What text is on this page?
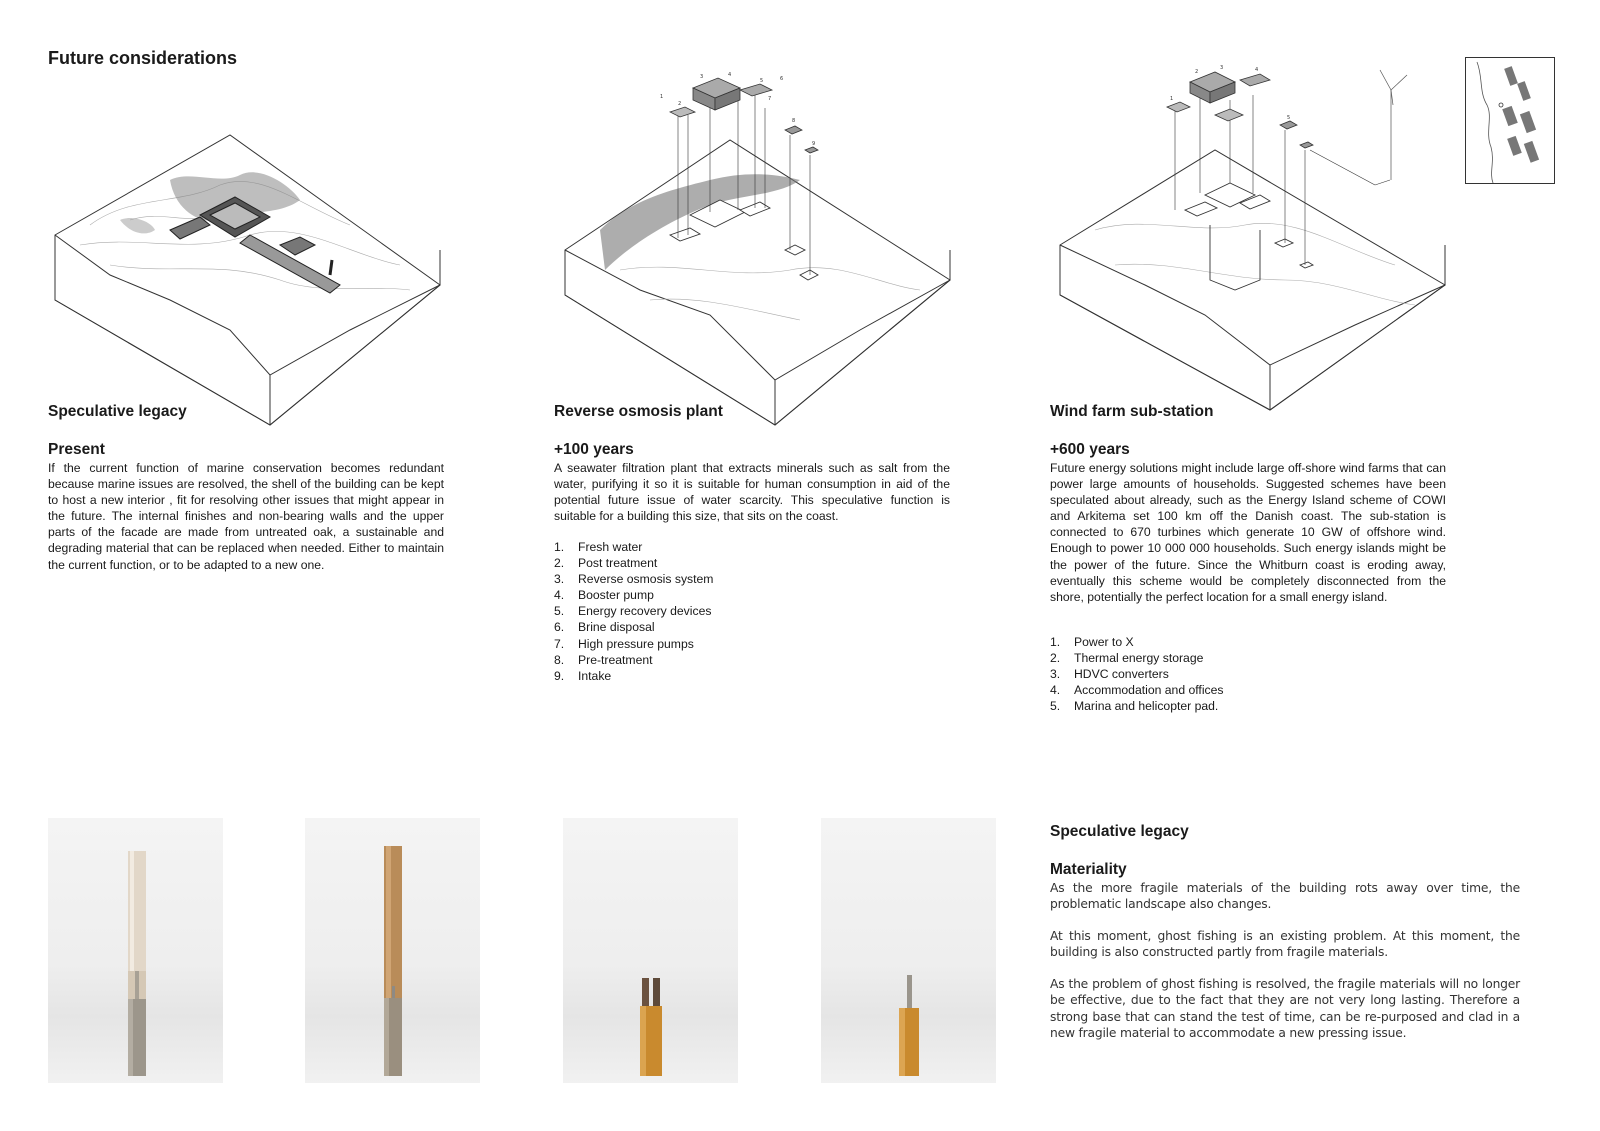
Future considerations
1
2
3	4
5	6
7
8
9
1
2
3	4
5
Speculative legacy
Present
If the current function of marine conservation becomes redundant because marine issues are resolved, the shell of the building can be kept to host a new interior , fit for resolving other issues that might appear in the future. The internal finishes and non-bearing walls and the upper parts of the facade are made from untreated oak, a sustainable and degrading material that can be replaced when needed. Either to maintain the current function, or to be adapted to a new one.
Reverse osmosis plant
+100 years
A seawater filtration plant that extracts minerals such as salt from the water, purifying it so it is suitable for human consumption in aid of the potential future issue of water scarcity. This speculative function is suitable for a building this size, that sits on the coast.
1.	Fresh water
2.	Post treatment
3.	Reverse osmosis system
4.	Booster pump
5.	Energy recovery devices
6.	Brine disposal
7.	High pressure pumps
8.	Pre-treatment
9.	Intake
Wind farm sub-station
+600 years
Future energy solutions might include large off-shore wind farms that can power large amounts of households. Suggested schemes have been speculated about already, such as the Energy Island scheme of COWI and Arkitema set 100 km off the Danish coast. The sub-station is connected to 670 turbines which generate 10 GW of offshore wind. Enough to power 10 000 000 households. Such energy islands might be the power of the future. Since the Whitburn coast is eroding away, eventually this scheme would be completely disconnected from the shore, potentially the perfect location for a small energy island.
1.	Power to X
2.	Thermal energy storage
3.	HDVC converters
4.	Accommodation and offices
5.	Marina and helicopter pad.
Speculative legacy
Materiality

As the more fragile materials of the building rots away over time, the problematic landscape also changes.

At this moment, ghost fishing is an existing problem. At this moment, the building is also constructed partly from fragile materials.

As the problem of ghost fishing is resolved, the fragile materials will no longer be effective, due to the fact that they are not very long lasting. Therefore a strong base that can stand the test of time, can be re-purposed and clad in a new fragile material to accommodate a new pressing issue.
